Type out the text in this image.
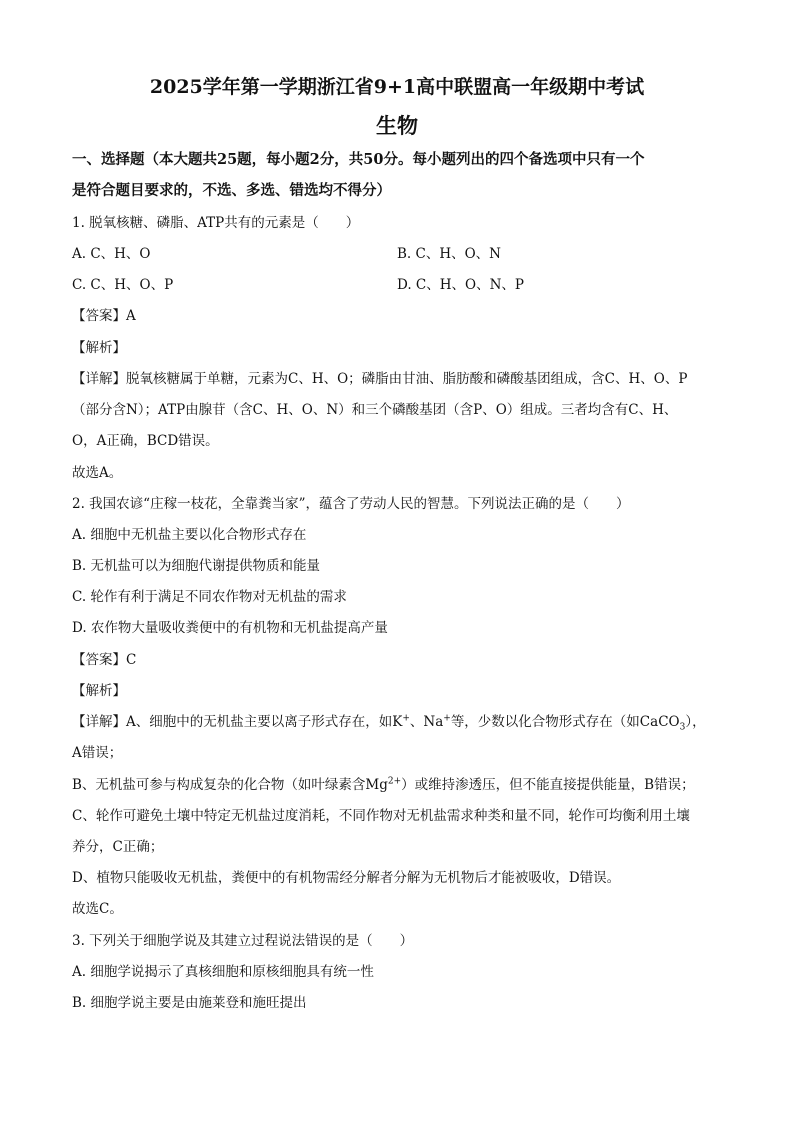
2025学年第一学期浙江省9+1高中联盟高一年级期中考试
生物
一、选择题（本大题共25题，每小题2分，共50分。每小题列出的四个备选项中只有一个
是符合题目要求的，不选、多选、错选均不得分）
1. 脱氧核糖、磷脂、ATP共有的元素是（　　）
A. C、H、O	B. C、H、O、N
C. C、H、O、P	D. C、H、O、N、P
【答案】A
【解析】
【详解】脱氧核糖属于单糖，元素为C、H、O；磷脂由甘油、脂肪酸和磷酸基团组成，含C、H、O、P
（部分含N）；ATP由腺苷（含C、H、O、N）和三个磷酸基团（含P、O）组成。三者均含有C、H、
O，A正确，BCD错误。
故选A。
2. 我国农谚“庄稼一枝花，全靠粪当家”，蕴含了劳动人民的智慧。下列说法正确的是（　　）
A. 细胞中无机盐主要以化合物形式存在
B. 无机盐可以为细胞代谢提供物质和能量
C. 轮作有利于满足不同农作物对无机盐的需求
D. 农作物大量吸收粪便中的有机物和无机盐提高产量
【答案】C
【解析】
【详解】A、细胞中的无机盐主要以离子形式存在，如K+、Na+等，少数以化合物形式存在（如CaCO$_3$），
A错误；
B、无机盐可参与构成复杂的化合物（如叶绿素含$Mg^{2+}$）或维持渗透压，但不能直接提供能量，B错误；
C、轮作可避免土壤中特定无机盐过度消耗，不同作物对无机盐需求种类和量不同，轮作可均衡利用土壤
养分，C正确；
D、植物只能吸收无机盐，粪便中的有机物需经分解者分解为无机物后才能被吸收，D错误。
故选C。
3. 下列关于细胞学说及其建立过程说法错误的是（　　）
A. 细胞学说揭示了真核细胞和原核细胞具有统一性
B. 细胞学说主要是由施莱登和施旺提出
